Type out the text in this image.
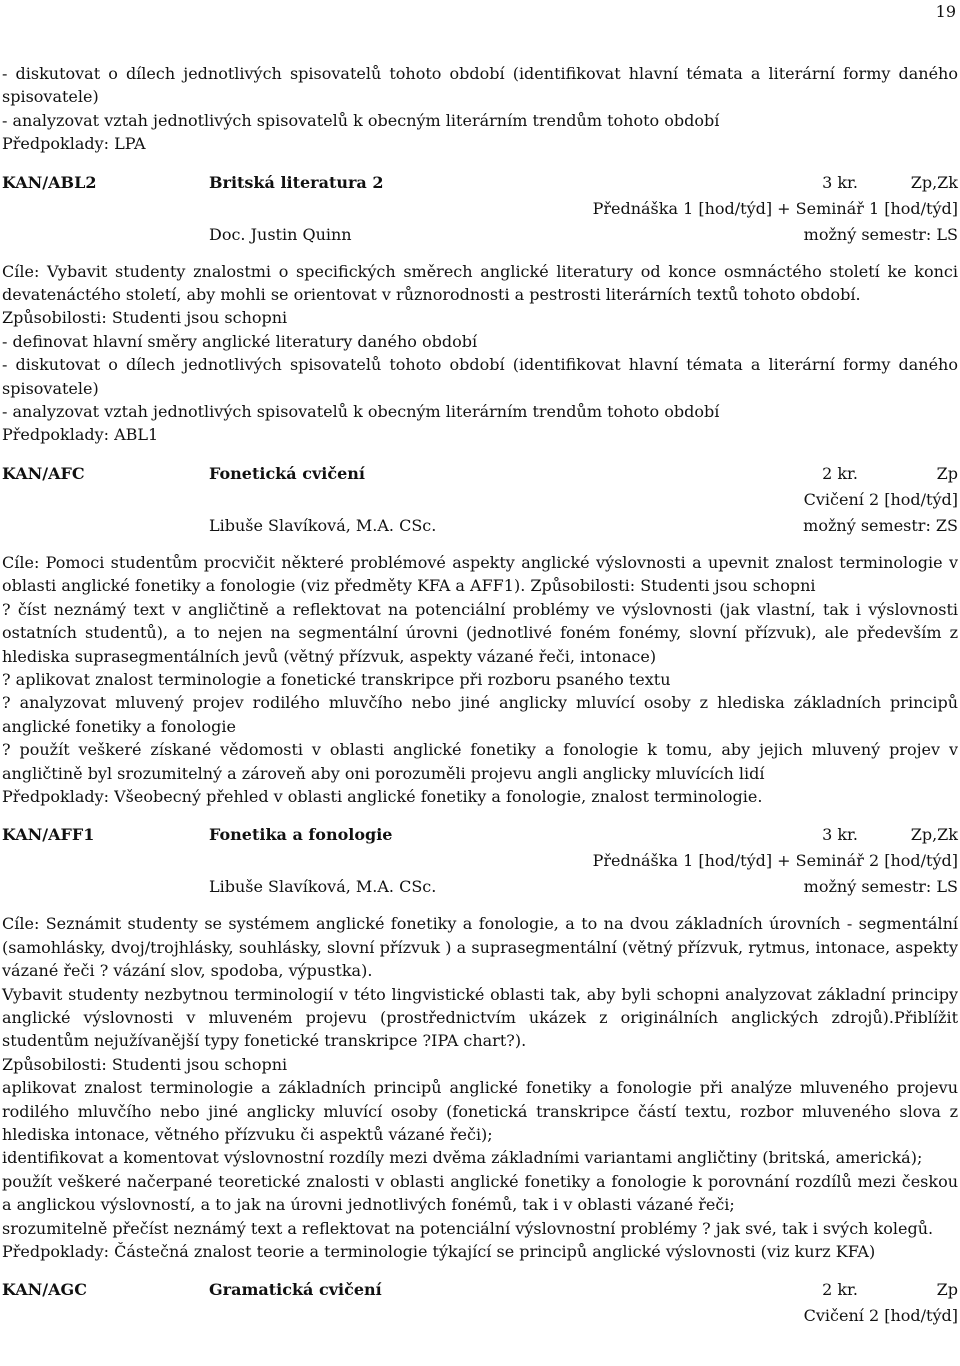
19

- diskutovat o dílech jednotlivých spisovatelů tohoto období (identifikovat hlavní témata a literární formy daného spisovatele)

- analyzovat vztah jednotlivých spisovatelů k obecným literárním trendům tohoto období

Předpoklady: LPA

KAN/ABL2	Britská literatura 2	3 kr.	Zp,Zk
Přednáška 1 [hod/týd] + Seminář 1 [hod/týd]
Doc. Justin Quinn	možný semestr: LS

Cíle: Vybavit studenty znalostmi o specifických směrech anglické literatury od konce osmnáctého století ke konci devatenáctého století, aby mohli se orientovat v různorodnosti a pestrosti literárních textů tohoto období.

Způsobilosti: Studenti jsou schopni

- definovat hlavní směry anglické literatury daného období

- diskutovat o dílech jednotlivých spisovatelů tohoto období (identifikovat hlavní témata a literární formy daného spisovatele)

- analyzovat vztah jednotlivých spisovatelů k obecným literárním trendům tohoto období

Předpoklady: ABL1

KAN/AFC	Fonetická cvičení	2 kr.	Zp
Cvičení 2 [hod/týd]
Libuše Slavíková, M.A. CSc.	možný semestr: ZS

Cíle: Pomoci studentům procvičit některé problémové aspekty anglické výslovnosti a upevnit znalost terminologie v oblasti anglické fonetiky a fonologie (viz předměty KFA a AFF1). Způsobilosti: Studenti jsou schopni

? číst neznámý text v angličtině a reflektovat na potenciální problémy ve výslovnosti (jak vlastní, tak i výslovnosti ostatních studentů), a to nejen na segmentální úrovni (jednotlivé foném fonémy, slovní přízvuk), ale především z hlediska suprasegmentálních jevů (větný přízvuk, aspekty vázané řeči, intonace)

? aplikovat znalost terminologie a fonetické transkripce při rozboru psaného textu

? analyzovat mluvený projev rodilého mluvčího nebo jiné anglicky mluvící osoby z hlediska základních principů anglické fonetiky a fonologie

? použít veškeré získané vědomosti v oblasti anglické fonetiky a fonologie k tomu, aby jejich mluvený projev v angličtině byl srozumitelný a zároveň aby oni porozuměli projevu angli anglicky mluvících lidí

Předpoklady: Všeobecný přehled v oblasti anglické fonetiky a fonologie, znalost terminologie.

KAN/AFF1	Fonetika a fonologie	3 kr.	Zp,Zk
Přednáška 1 [hod/týd] + Seminář 2 [hod/týd]
Libuše Slavíková, M.A. CSc.	možný semestr: LS

Cíle: Seznámit studenty se systémem anglické fonetiky a fonologie, a to na dvou základních úrovních - segmentální (samohlásky, dvoj/trojhlásky, souhlásky, slovní přízvuk ) a suprasegmentální (větný přízvuk, rytmus, intonace, aspekty vázané řeči ? vázání slov, spodoba, výpustka).

Vybavit studenty nezbytnou terminologií v této lingvistické oblasti tak, aby byli schopni analyzovat základní principy anglické výslovnosti v mluveném projevu (prostřednictvím ukázek z originálních anglických zdrojů).Přiblížit studentům nejužívanější typy fonetické transkripce ?IPA chart?).

Způsobilosti: Studenti jsou schopni

aplikovat znalost terminologie a základních principů anglické fonetiky a fonologie při analýze mluveného projevu rodilého mluvčího nebo jiné anglicky mluvící osoby (fonetická transkripce částí textu, rozbor mluveného slova z hlediska intonace, větného přízvuku či aspektů vázané řeči);

identifikovat a komentovat výslovnostní rozdíly mezi dvěma základními variantami angličtiny (britská, americká);

použít veškeré načerpané teoretické znalosti v oblasti anglické fonetiky a fonologie k porovnání rozdílů mezi českou a anglickou výslovností, a to jak na úrovni jednotlivých fonémů, tak i v oblasti vázané řeči;

srozumitelně přečíst neznámý text a reflektovat na potenciální výslovnostní problémy ? jak své, tak i svých kolegů.

Předpoklady: Částečná znalost teorie a terminologie týkající se principů anglické výslovnosti (viz kurz KFA)

KAN/AGC	Gramatická cvičení	2 kr.	Zp
Cvičení 2 [hod/týd]
